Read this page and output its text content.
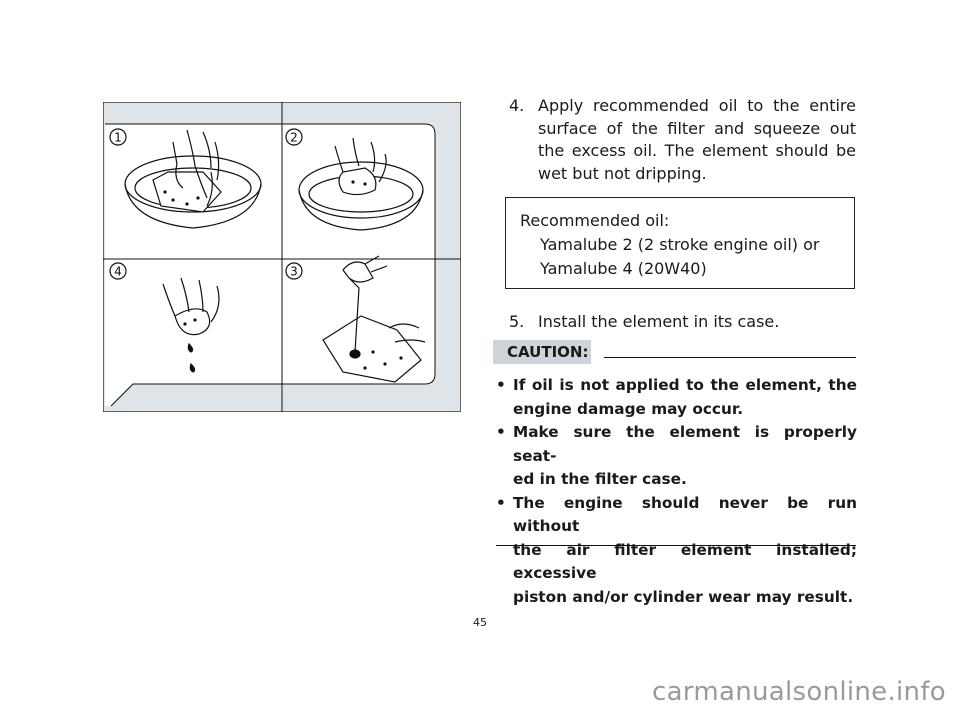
1	2
4	3
4. Apply recommended oil to the entire
surface of the filter and squeeze out
the excess oil. The element should be
wet but not dripping.
Recommended oil:
Yamalube 2 (2 stroke engine oil) or
Yamalube 4 (20W40)
5. Install the element in its case.
CAUTION:
• If oil is not applied to the element, the
engine damage may occur.
• Make sure the element is properly seat-
ed in the filter case.
• The engine should never be run without
the air filter element installed; excessive
piston and/or cylinder wear may result.
45
carmanualsonline.info
